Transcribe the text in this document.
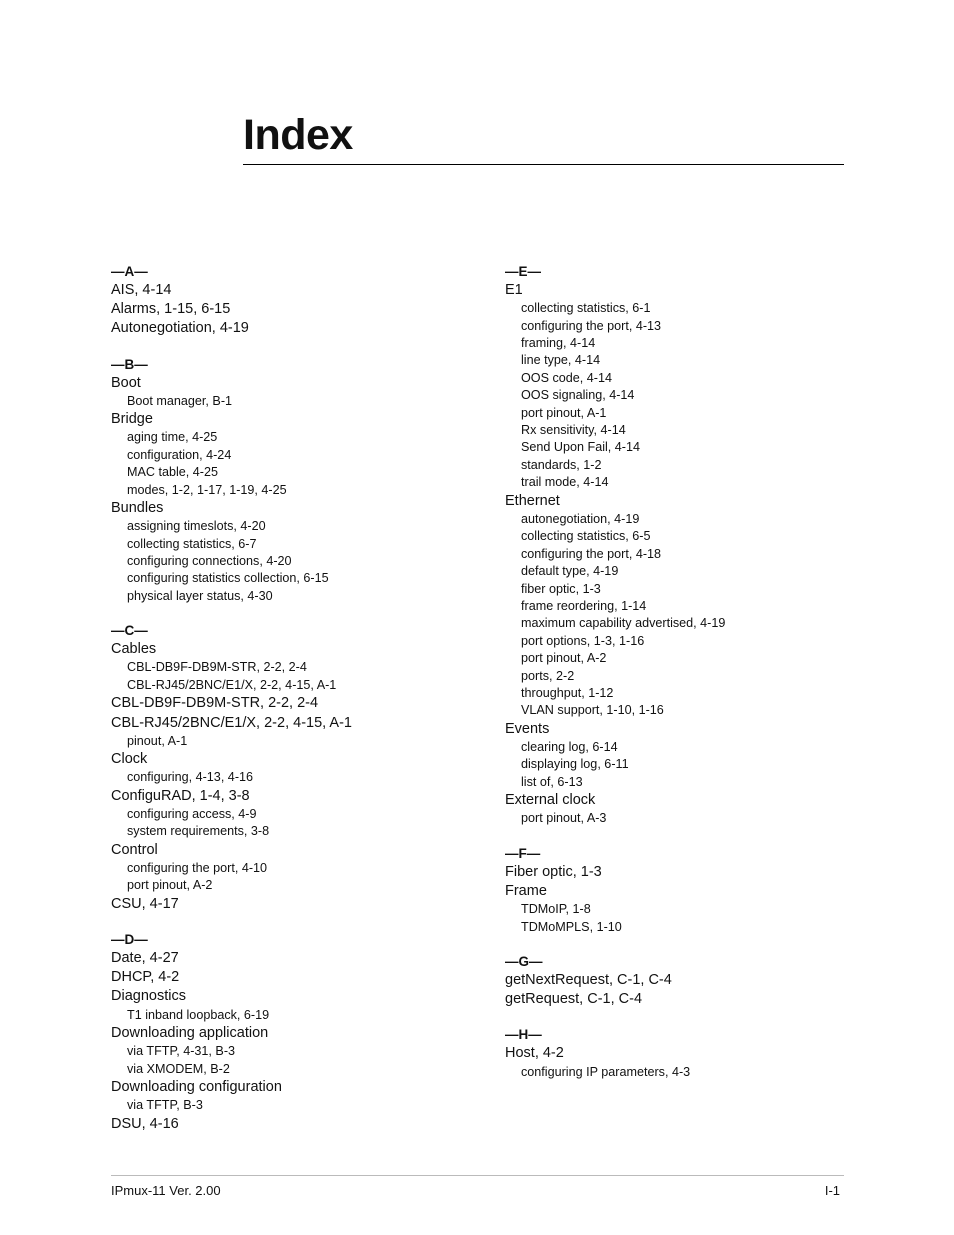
Index
—A—
AIS, 4-14
Alarms, 1-15, 6-15
Autonegotiation, 4-19
—B—
Boot
Boot manager, B-1
Bridge
aging time, 4-25
configuration, 4-24
MAC table, 4-25
modes, 1-2, 1-17, 1-19, 4-25
Bundles
assigning timeslots, 4-20
collecting statistics, 6-7
configuring connections, 4-20
configuring statistics collection, 6-15
physical layer status, 4-30
—C—
Cables
CBL-DB9F-DB9M-STR, 2-2, 2-4
CBL-RJ45/2BNC/E1/X, 2-2, 4-15, A-1
CBL-DB9F-DB9M-STR, 2-2, 2-4
CBL-RJ45/2BNC/E1/X, 2-2, 4-15, A-1
pinout, A-1
Clock
configuring, 4-13, 4-16
ConfiguRAD, 1-4, 3-8
configuring access, 4-9
system requirements, 3-8
Control
configuring the port, 4-10
port pinout, A-2
CSU, 4-17
—D—
Date, 4-27
DHCP, 4-2
Diagnostics
T1 inband loopback, 6-19
Downloading application
via TFTP, 4-31, B-3
via XMODEM, B-2
Downloading configuration
via TFTP, B-3
DSU, 4-16
—E—
E1
collecting statistics, 6-1
configuring the port, 4-13
framing, 4-14
line type, 4-14
OOS code, 4-14
OOS signaling, 4-14
port pinout, A-1
Rx sensitivity, 4-14
Send Upon Fail, 4-14
standards, 1-2
trail mode, 4-14
Ethernet
autonegotiation, 4-19
collecting statistics, 6-5
configuring the port, 4-18
default type, 4-19
fiber optic, 1-3
frame reordering, 1-14
maximum capability advertised, 4-19
port options, 1-3, 1-16
port pinout, A-2
ports, 2-2
throughput, 1-12
VLAN support, 1-10, 1-16
Events
clearing log, 6-14
displaying log, 6-11
list of, 6-13
External clock
port pinout, A-3
—F—
Fiber optic, 1-3
Frame
TDMoIP, 1-8
TDMoMPLS, 1-10
—G—
getNextRequest, C-1, C-4
getRequest, C-1, C-4
—H—
Host, 4-2
configuring IP parameters, 4-3
IPmux-11 Ver. 2.00	I-1
